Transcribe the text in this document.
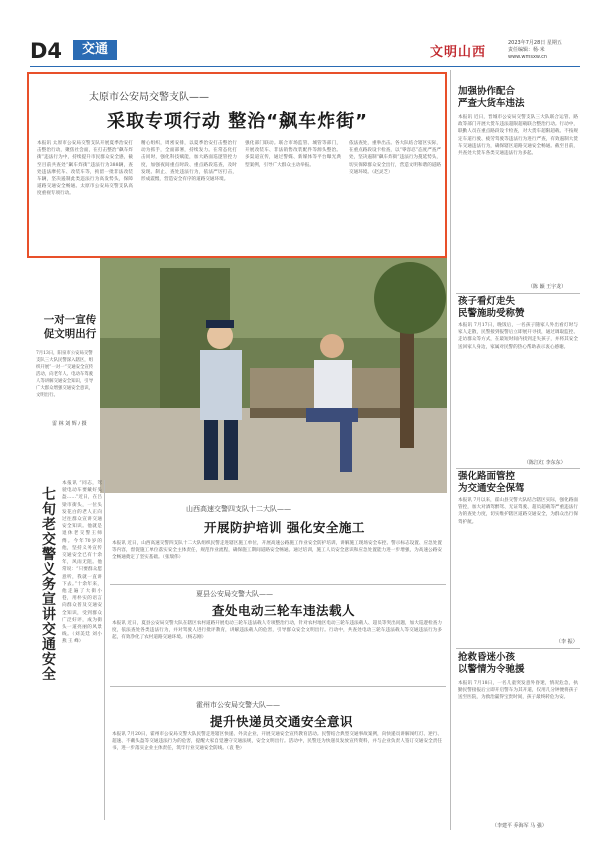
D4	交通	文明山西
2023年7月28日 星期五
责任编辑：杨·米
www.wmsxw.cn
太原市公安局交警支队——
采取专项行动 整治“飙车炸街”
本报讯 太原市公安局交警支队开展夏季治安打击整治行动，聚焦社会面，在打击整治“飙车炸街”违法行为中，持续提升市民群众安全感，截至目前共查处“飙车炸街”违法行为388辆，查处违法摩托车、改装车等，拘留一批非法改装车辆，坚决遏制此类违法行为高发势头，保障道路交通安全畅通。太原市公安局交警支队高度重视专项行动。
精心组织，周密安排，以夏季治安打击整治行动为抓手，全面部署，持续发力。在常态化打击同时，强化科技赋能，加大路面巡逻管控力度，加强夜间重点时段、重点路段巡查，及时发现、制止、查处违法行为，依法严厉打击，形成震慑，营造安全有序的道路交通环境。
强化部门联动。联合市场监管、城管等部门，开展改装车、非法销售改装配件等源头整治。多渠道宣传，通过警媒、新媒体等平台曝光典型案例，引导广大群众主动举报。
依法查处，重拳出击。各大队结合辖区实际，在重点路段设卡检查，以“零容忍”态度严查严处，坚决遏制“飙车炸街”违法行为蔓延势头，切实保障群众安全出行，营造文明和谐的道路交通环境。（赵灵芝）
一对一宣传
促文明出行
7月13日，阳泉市公安局交警支队三大队民警深入辖区，组织开展“一对一”交通安全宣传活动，向老年人、电动车驾驶人等讲解交通安全知识，引导广大群众增强交通安全意识，文明出行。
雷 林 刘 辉 / 摄
七旬老交警义务宣讲交通安全
本报讯 “同志，驾驶电动车要戴好头盔……”近日，在吕梁市街头，一位头发花白的老人正向过往群众宣讲交通安全知识。他就是退休老交警王师傅。今年70岁的他，坚持义务宣传交通安全已有十余年，风雨无阻。他常说：“只要群众愿意听，我就一直讲下去。”十余年来，他走遍了大街小巷，用朴实的语言向群众普及交通安全知识，受到群众广泛好评，成为街头一道亮丽的风景线。（刘美廷 刘小燕 王 峰）
山西高速交警四支队十二大队——
开展防护培训 强化安全施工
本报讯 近日，山西高速交警四支队十二大队组织民警走进辖区施工单位，开展高速公路施工作业安全防护培训，讲解施工现场安全布控、警示标志设置、应急处置等内容，督促施工单位落实安全主体责任，规范作业流程，确保施工期间道路安全畅通。通过培训，施工人员安全意识和应急处置能力进一步增强，为高速公路安全畅通奠定了坚实基础。（张瑞伟）
夏县公安局交警大队——
查处电动三轮车违法载人
本报讯 近日，夏县公安局交警大队在辖区农村道路开展电动三轮车违法载人专项整治行动，针对农村地区电动三轮车违法载人、超员等突出问题，加大巡逻检查力度，依法查处各类违法行为，并对驾驶人进行批评教育，讲解违法载人的危害，引导群众安全文明出行。行动中，共查处电动三轮车违法载人等交通违法行为多起，有效净化了农村道路交通环境。（杨志刚）
霍州市公安局交警大队——
提升快递员交通安全意识
本报讯 7月20日，霍州市公安局交警大队民警走进辖区快递、外卖企业，开展交通安全宣传教育活动。民警结合典型交通事故案例，向快递员讲解闯红灯、逆行、超速、不戴头盔等交通违法行为的危害，提醒大家自觉遵守交通法规，安全文明出行。活动中，民警还为快递员发放宣传资料，并与企业负责人签订交通安全责任书，进一步落实企业主体责任，筑牢行业交通安全防线。（袁 艳）
加强协作配合
严查大货车违法
本报讯 近日，晋城市公安局交警支队三大队联合运管、路政等部门开展大货车违法超限超载联合整治行动。行动中，联勤人员在重点路段设卡检查，对大货车超限超载、不按规定车道行驶、疲劳驾驶等违法行为进行严查，有效遏制大货车交通违法行为，确保辖区道路交通安全畅通。截至目前，共查处大货车各类交通违法行为多起。
（陈 颖 王宇龙）
孩子看灯走失
民警施助受称赞
本报讯 7月17日，晚饭后，一名孩子随家人外出看灯时与家人走散，民警接到报警后立即展开寻找，通过调取监控、走访群众等方式，在最短时间内找到走失孩子，并将其安全送回家人身边，家属对民警的热心帮助表示衷心感谢。
（陈江红 李东东）
强化路面管控
为交通安全保驾
本报讯 7月以来，霍山县交警大队结合辖区实际，强化路面管控，加大对酒驾醉驾、无证驾驶、超员超载等严重违法行为的查处力度，切实维护辖区道路交通安全，为群众出行保驾护航。
（李 振）
抢救昏迷小孩
以警情为令驰援
本报讯 7月18日，一名儿童突发意外昏迷，情况危急，执勤民警接报后立即开启警车为其开道，仅用几分钟便将孩子送至医院，为救治赢得宝贵时间，孩子最终转危为安。
（李建平 乔海军 马 强）
